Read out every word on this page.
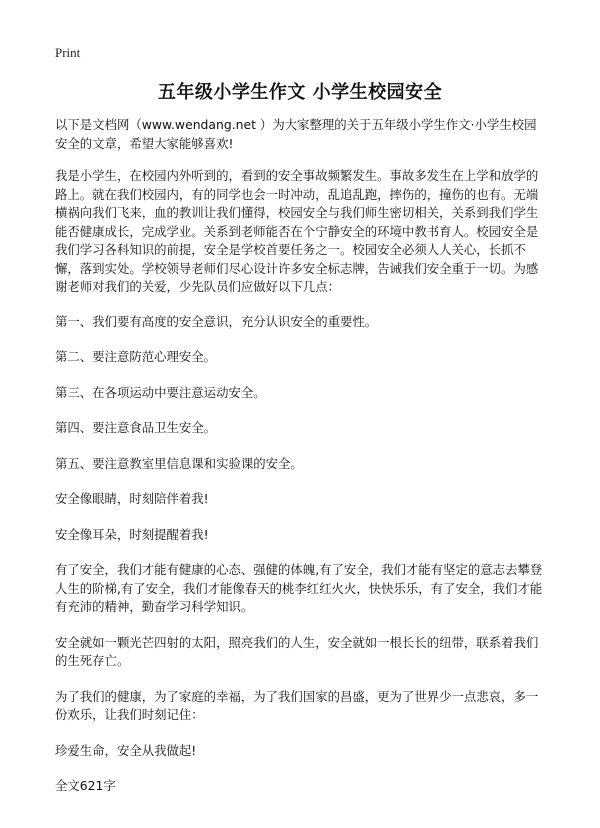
Print
五年级小学生作文 小学生校园安全

以下是文档网（www.wendang.net ）为大家整理的关于五年级小学生作文·小学生校园安全的文章，希望大家能够喜欢!

我是小学生，在校园内外听到的，看到的安全事故频繁发生。事故多发生在上学和放学的路上。就在我们校园内，有的同学也会一时冲动，乱追乱跑，摔伤的，撞伤的也有。无端横祸向我们飞来，血的教训让我们懂得，校园安全与我们师生密切相关，关系到我们学生能否健康成长，完成学业。关系到老师能否在个宁静安全的环境中教书育人。校园安全是我们学习各科知识的前提，安全是学校首要任务之一。校园安全必须人人关心，长抓不懈，落到实处。学校领导老师们尽心设计许多安全标志牌，告诫我们安全重于一切。为感谢老师对我们的关爱，少先队员们应做好以下几点：

第一、我们要有高度的安全意识，充分认识安全的重要性。

第二、要注意防范心理安全。

第三、在各项运动中要注意运动安全。

第四、要注意食品卫生安全。

第五、要注意教室里信息课和实验课的安全。

安全像眼睛，时刻陪伴着我!

安全像耳朵，时刻提醒着我!

有了安全，我们才能有健康的心态、强健的体魄,有了安全，我们才能有坚定的意志去攀登人生的阶梯,有了安全，我们才能像春天的桃李红红火火，快快乐乐，有了安全，我们才能有充沛的精神，勤奋学习科学知识。

安全就如一颗光芒四射的太阳，照亮我们的人生，安全就如一根长长的纽带，联系着我们的生死存亡。

为了我们的健康，为了家庭的幸福，为了我们国家的昌盛，更为了世界少一点悲哀，多一份欢乐，让我们时刻记住：

珍爱生命，安全从我做起!

全文621字
